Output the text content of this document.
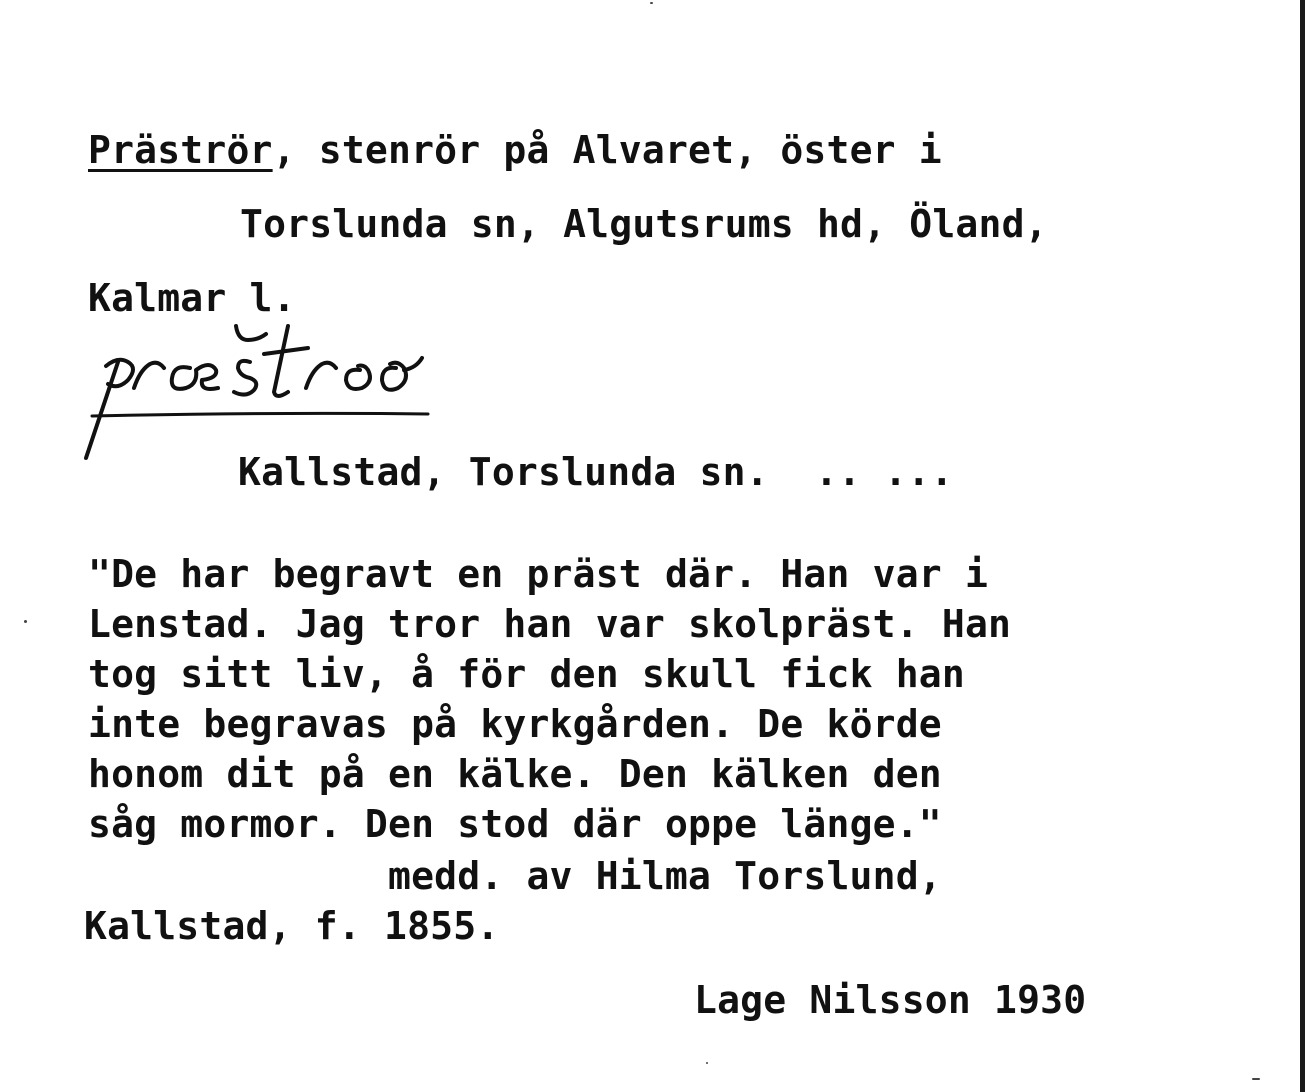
Präströr, stenrör på Alvaret, öster i
Torslunda sn, Algutsrums hd, Öland,
Kalmar l.
Kallstad, Torslunda sn.  .. ...
"De har begravt en präst där. Han var i
Lenstad. Jag tror han var skolpräst. Han
tog sitt liv, å för den skull fick han
inte begravas på kyrkgården. De körde
honom dit på en kälke. Den kälken den
såg mormor. Den stod där oppe länge."
medd. av Hilma Torslund,
Kallstad, f. 1855.
Lage Nilsson 1930
